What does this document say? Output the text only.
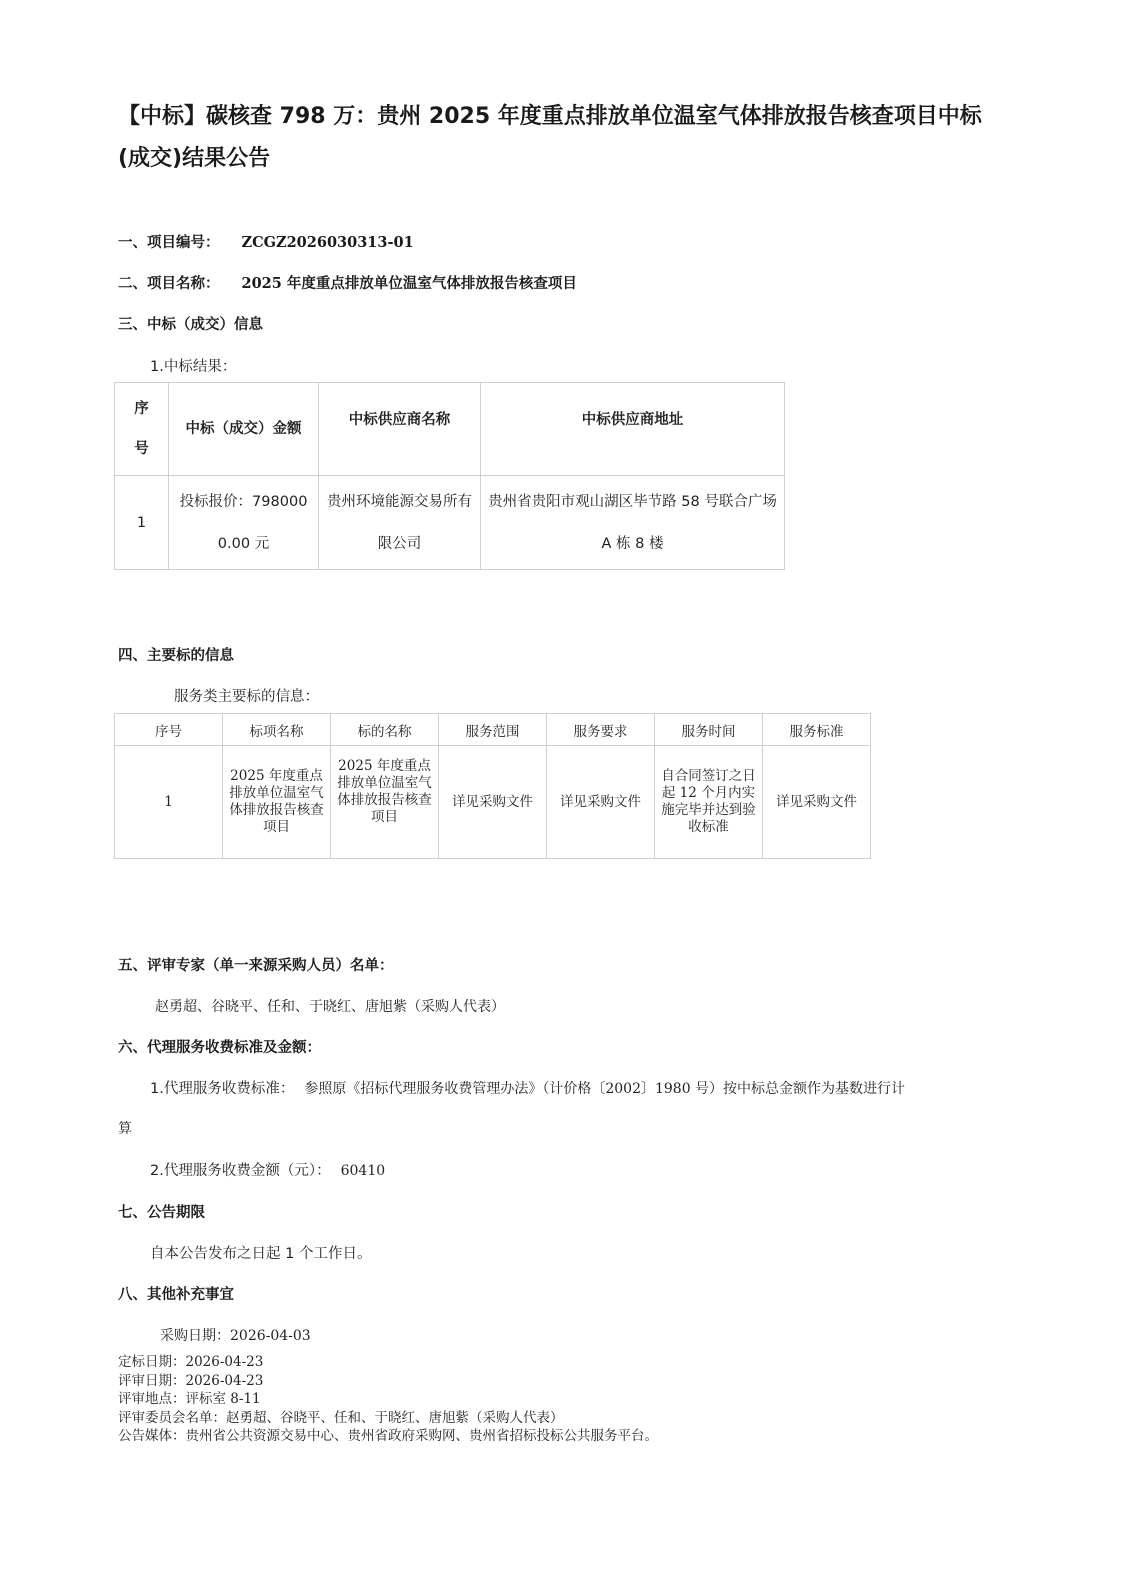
【中标】碳核查 798 万：贵州 2025 年度重点排放单位温室气体排放报告核查项目中标(成交)结果公告
一、项目编号： ZCGZ2026030313-01
二、项目名称： 2025 年度重点排放单位温室气体排放报告核查项目
三、中标（成交）信息
1.中标结果：
序号	中标（成交）金额	中标供应商名称	中标供应商地址

1	投标报价：7980000.00 元	贵州环境能源交易所有限公司	贵州省贵阳市观山湖区毕节路 58 号联合广场 A 栋 8 楼
四、主要标的信息
服务类主要标的信息：
序号	标项名称	标的名称	服务范围	服务要求	服务时间	服务标准
1	2025 年度重点排放单位温室气体排放报告核查项目	2025 年度重点排放单位温室气体排放报告核查项目	详见采购文件	详见采购文件	自合同签订之日起 12 个月内实施完毕并达到验收标准	详见采购文件
五、评审专家（单一来源采购人员）名单：
赵勇超、谷晓平、任和、于晓红、唐旭紫（采购人代表）
六、代理服务收费标准及金额：
1.代理服务收费标准： 参照原《招标代理服务收费管理办法》（计价格〔2002〕1980 号）按中标总金额作为基数进行计
算
2.代理服务收费金额（元）： 60410
七、公告期限
自本公告发布之日起 1 个工作日。
八、其他补充事宜
采购日期：2026-04-03
定标日期：2026-04-23
评审日期：2026-04-23
评审地点：评标室 8-11
评审委员会名单：赵勇超、谷晓平、任和、于晓红、唐旭紫（采购人代表）
公告媒体：贵州省公共资源交易中心、贵州省政府采购网、贵州省招标投标公共服务平台。
